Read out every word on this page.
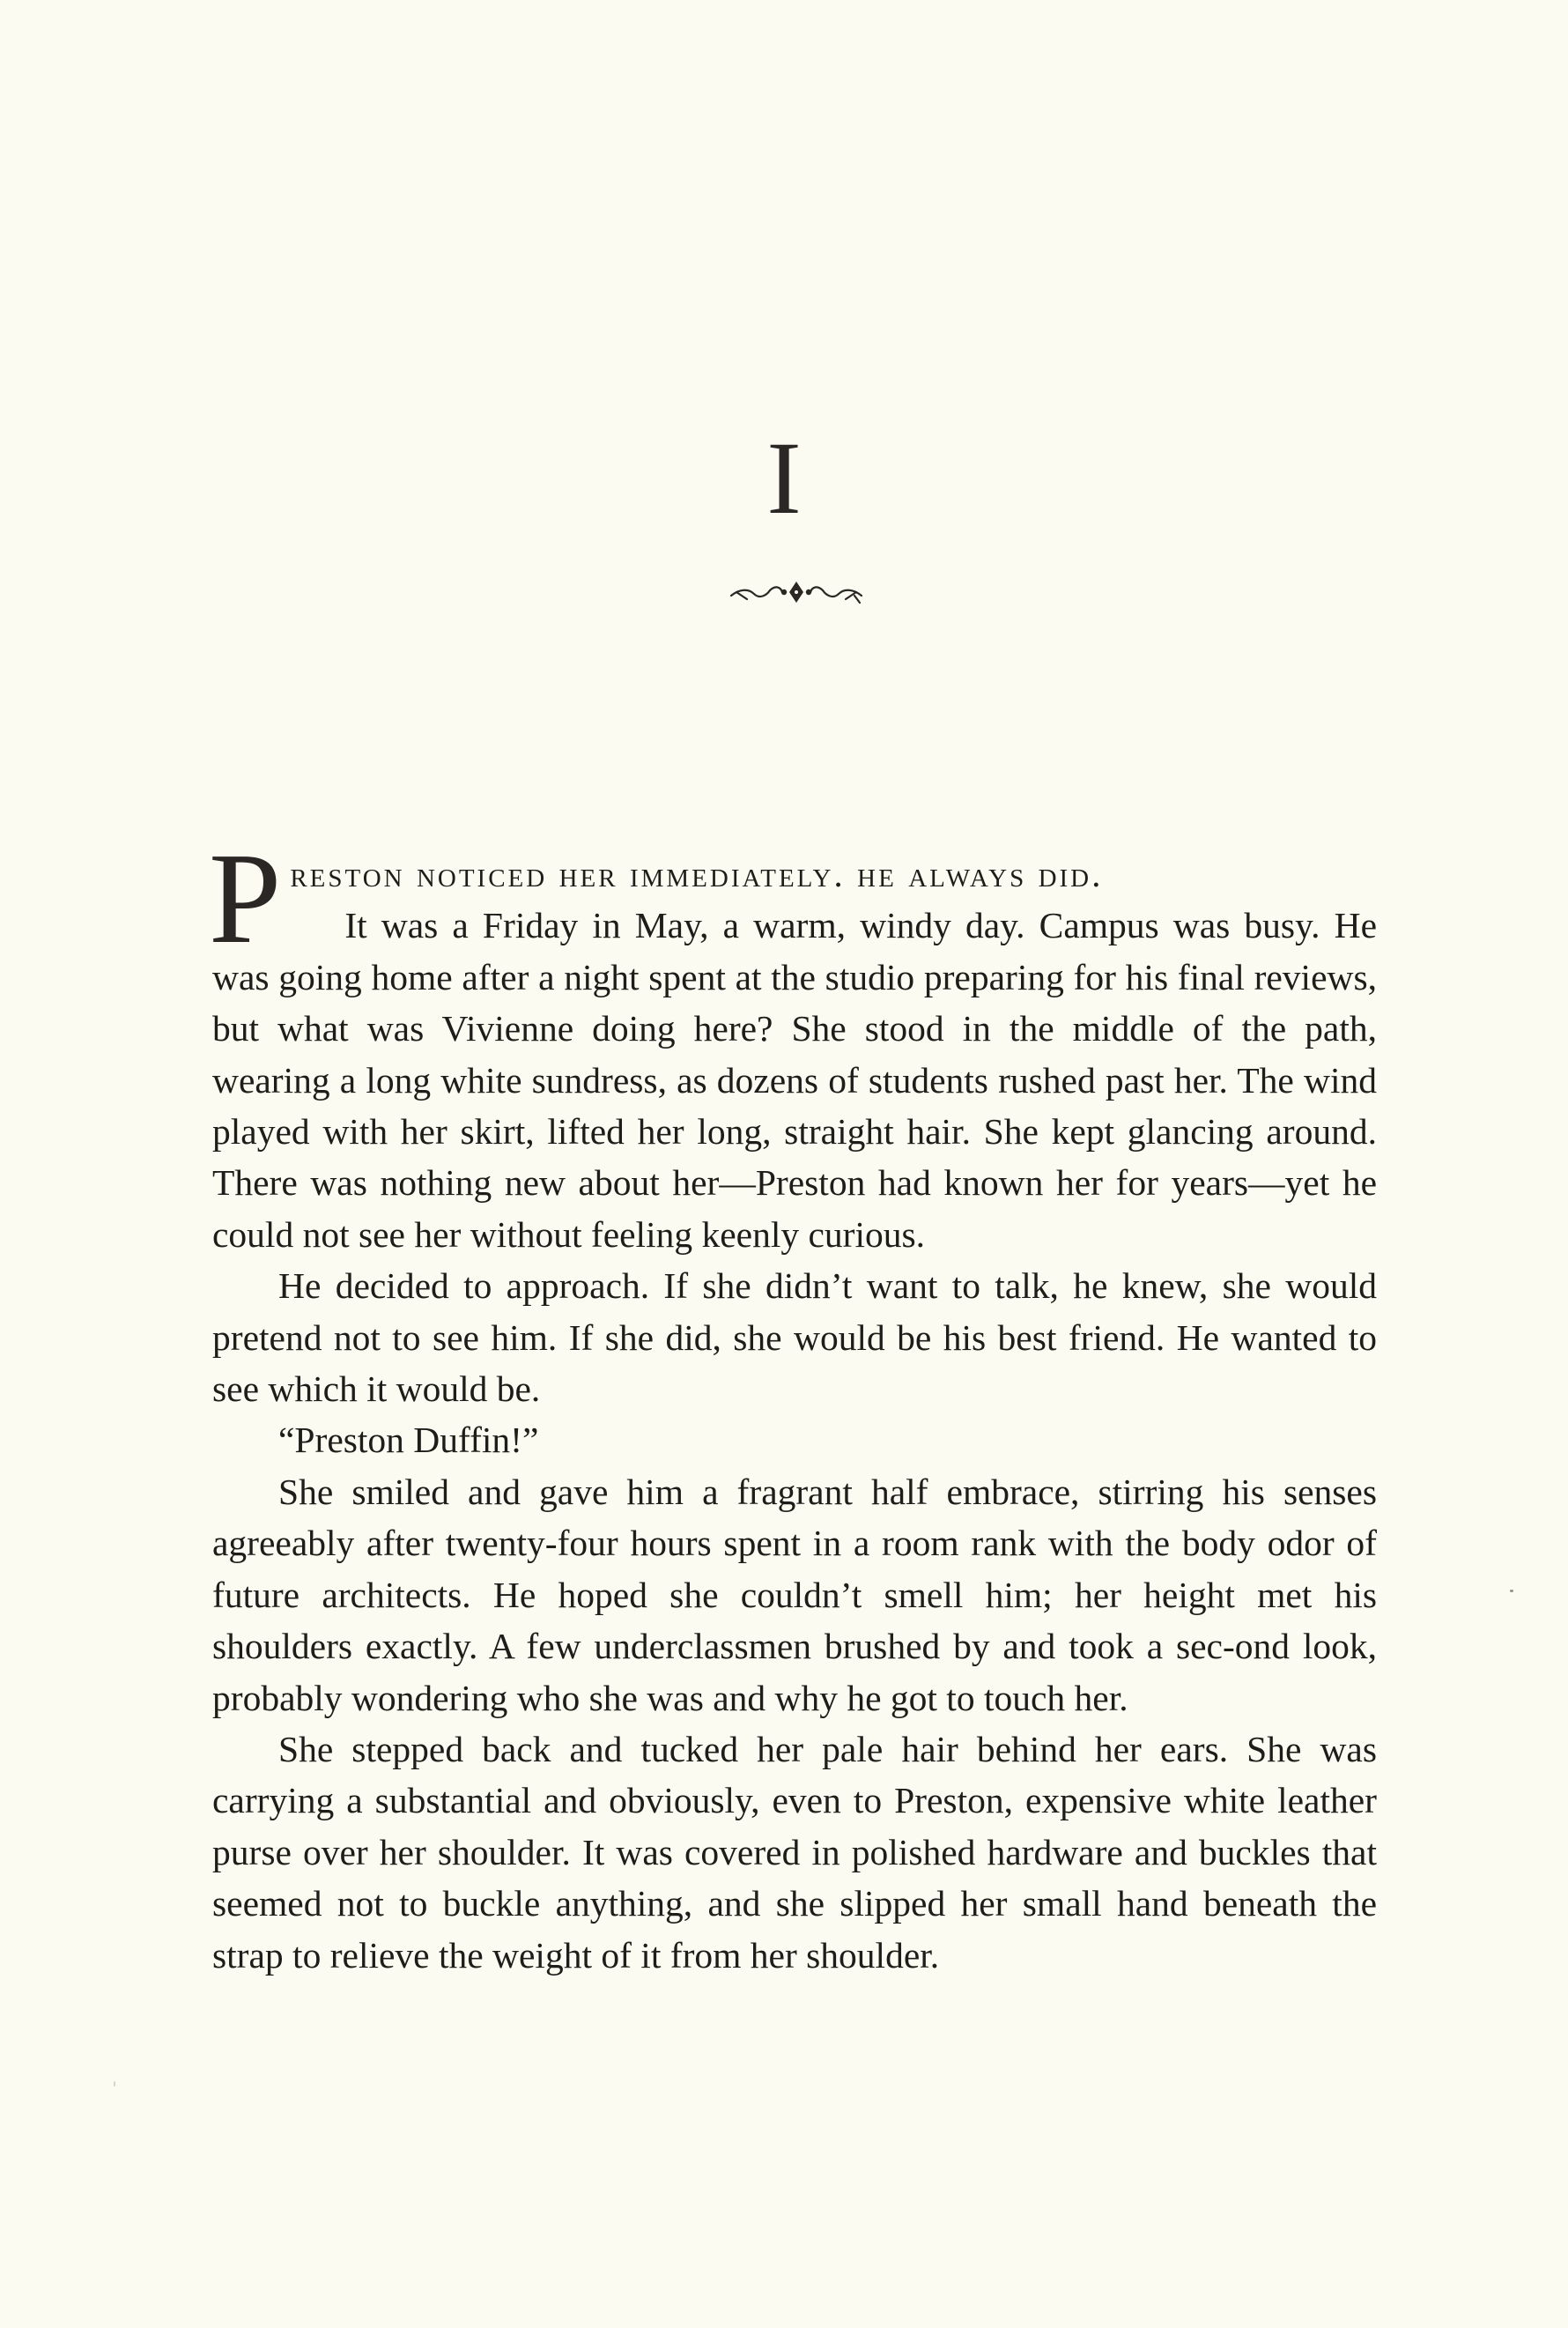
I

Preston noticed her immediately. he always did.
It was a Friday in May, a warm, windy day. Campus was busy. He was going home after a night spent at the studio preparing for his final reviews, but what was Vivienne doing here? She stood in the middle of the path, wearing a long white sundress, as dozens of students rushed past her. The wind played with her skirt, lifted her long, straight hair. She kept glancing around. There was nothing new about her—Preston had known her for years—yet he could not see her without feeling keenly curious.

He decided to approach. If she didn’t want to talk, he knew, she would pretend not to see him. If she did, she would be his best friend. He wanted to see which it would be.

“Preston Duffin!”

She smiled and gave him a fragrant half embrace, stirring his senses agreeably after twenty-four hours spent in a room rank with the body odor of future architects. He hoped she couldn’t smell him; her height met his shoulders exactly. A few underclassmen brushed by and took a sec-ond look, probably wondering who she was and why he got to touch her.

She stepped back and tucked her pale hair behind her ears. She was carrying a substantial and obviously, even to Preston, expensive white leather purse over her shoulder. It was covered in polished hardware and buckles that seemed not to buckle anything, and she slipped her small hand beneath the strap to relieve the weight of it from her shoulder.
